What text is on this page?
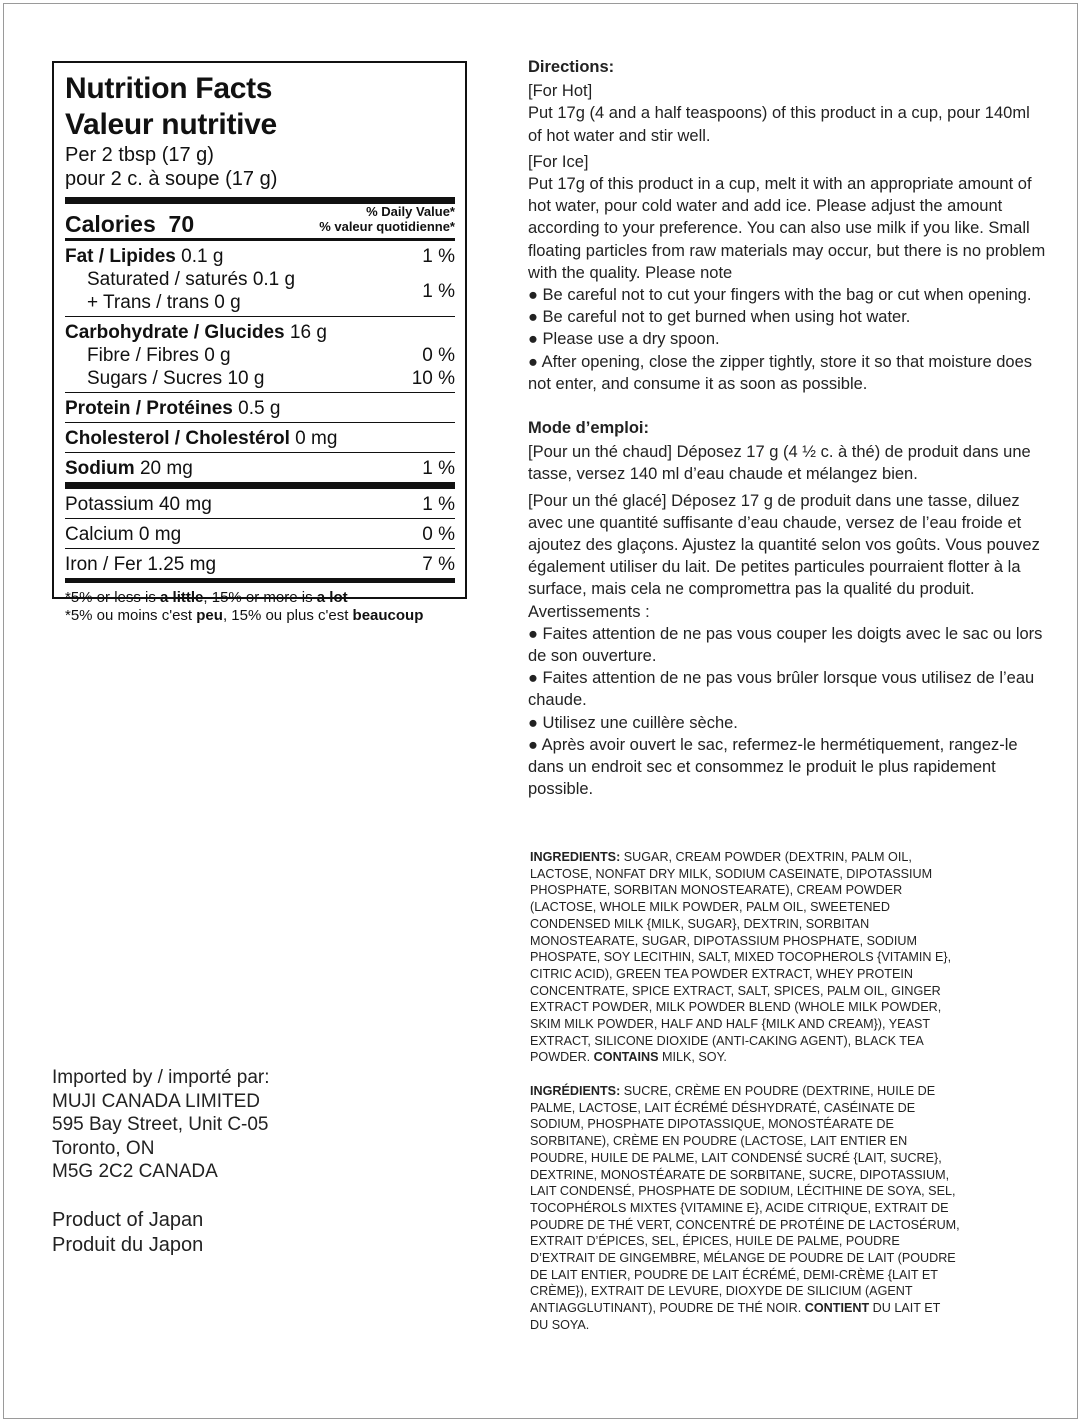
Nutrition Facts
Valeur nutritive
Per 2 tbsp (17 g)
pour 2 c. à soupe (17 g)
Calories 70	% Daily Value*
% valeur quotidienne*
Fat / Lipides 0.1 g	1 %
Saturated / saturés 0.1 g
+ Trans / trans 0 g
1 %
Carbohydrate / Glucides 16 g
Fibre / Fibres 0 g	0 %
Sugars / Sucres 10 g	10 %
Protein / Protéines 0.5 g
Cholesterol / Cholestérol 0 mg
Sodium 20 mg	1 %
Potassium 40 mg	1 %
Calcium 0 mg	0 %
Iron / Fer 1.25 mg	7 %
*5% or less is a little, 15% or more is a lot
*5% ou moins c'est peu, 15% ou plus c'est beaucoup

Directions:

[For Hot]

Put 17g (4 and a half teaspoons) of this product in a cup, pour 140ml of hot water and stir well.

[For Ice]

Put 17g of this product in a cup, melt it with an appropriate amount of hot water, pour cold water and add ice. Please adjust the amount according to your preference. You can also use milk if you like. Small floating particles from raw materials may occur, but there is no problem with the quality. Please note

● Be careful not to cut your fingers with the bag or cut when opening.

● Be careful not to get burned when using hot water.

● Please use a dry spoon.

● After opening, close the zipper tightly, store it so that moisture does not enter, and consume it as soon as possible.

Mode d’emploi:

[Pour un thé chaud] Déposez 17 g (4 ½ c. à thé) de produit dans une tasse, versez 140 ml d’eau chaude et mélangez bien.

[Pour un thé glacé] Déposez 17 g de produit dans une tasse, diluez avec une quantité suffisante d’eau chaude, versez de l’eau froide et ajoutez des glaçons. Ajustez la quantité selon vos goûts. Vous pouvez également utiliser du lait. De petites particules pourraient flotter à la surface, mais cela ne compromettra pas la qualité du produit. Avertissements :

● Faites attention de ne pas vous couper les doigts avec le sac ou lors de son ouverture.

● Faites attention de ne pas vous brûler lorsque vous utilisez de l’eau chaude.

● Utilisez une cuillère sèche.

● Après avoir ouvert le sac, refermez-le hermétiquement, rangez-le dans un endroit sec et consommez le produit le plus rapidement possible.

INGREDIENTS: SUGAR, CREAM POWDER (DEXTRIN, PALM OIL, LACTOSE, NONFAT DRY MILK, SODIUM CASEINATE, DIPOTASSIUM PHOSPHATE, SORBITAN MONOSTEARATE), CREAM POWDER (LACTOSE, WHOLE MILK POWDER, PALM OIL, SWEETENED CONDENSED MILK {MILK, SUGAR}, DEXTRIN, SORBITAN MONOSTEARATE, SUGAR, DIPOTASSIUM PHOSPHATE, SODIUM PHOSPATE, SOY LECITHIN, SALT, MIXED TOCOPHEROLS {VITAMIN E}, CITRIC ACID), GREEN TEA POWDER EXTRACT, WHEY PROTEIN CONCENTRATE, SPICE EXTRACT, SALT, SPICES, PALM OIL, GINGER EXTRACT POWDER, MILK POWDER BLEND (WHOLE MILK POWDER, SKIM MILK POWDER, HALF AND HALF {MILK AND CREAM}), YEAST EXTRACT, SILICONE DIOXIDE (ANTI-CAKING AGENT), BLACK TEA POWDER. CONTAINS MILK, SOY.
INGRÉDIENTS: SUCRE, CRÈME EN POUDRE (DEXTRINE, HUILE DE PALME, LACTOSE, LAIT ÉCRÉMÉ DÉSHYDRATÉ, CASÉINATE DE SODIUM, PHOSPHATE DIPOTASSIQUE, MONOSTÉARATE DE SORBITANE), CRÈME EN POUDRE (LACTOSE, LAIT ENTIER EN POUDRE, HUILE DE PALME, LAIT CONDENSÉ SUCRÉ {LAIT, SUCRE}, DEXTRINE, MONOSTÉARATE DE SORBITANE, SUCRE, DIPOTASSIUM, LAIT CONDENSÉ, PHOSPHATE DE SODIUM, LÉCITHINE DE SOYA, SEL, TOCOPHÉROLS MIXTES {VITAMINE E}, ACIDE CITRIQUE, EXTRAIT DE POUDRE DE THÉ VERT, CONCENTRÉ DE PROTÉINE DE LACTOSÉRUM, EXTRAIT D’ÉPICES, SEL, ÉPICES, HUILE DE PALME, POUDRE D’EXTRAIT DE GINGEMBRE, MÉLANGE DE POUDRE DE LAIT (POUDRE DE LAIT ENTIER, POUDRE DE LAIT ÉCRÉMÉ, DEMI-CRÈME {LAIT ET CRÈME}), EXTRAIT DE LEVURE, DIOXYDE DE SILICIUM (AGENT ANTIAGGLUTINANT), POUDRE DE THÉ NOIR. CONTIENT DU LAIT ET DU SOYA.

Imported by / importé par:

MUJI CANADA LIMITED

595 Bay Street, Unit C-05

Toronto, ON

M5G 2C2 CANADA

Product of Japan

Produit du Japon
